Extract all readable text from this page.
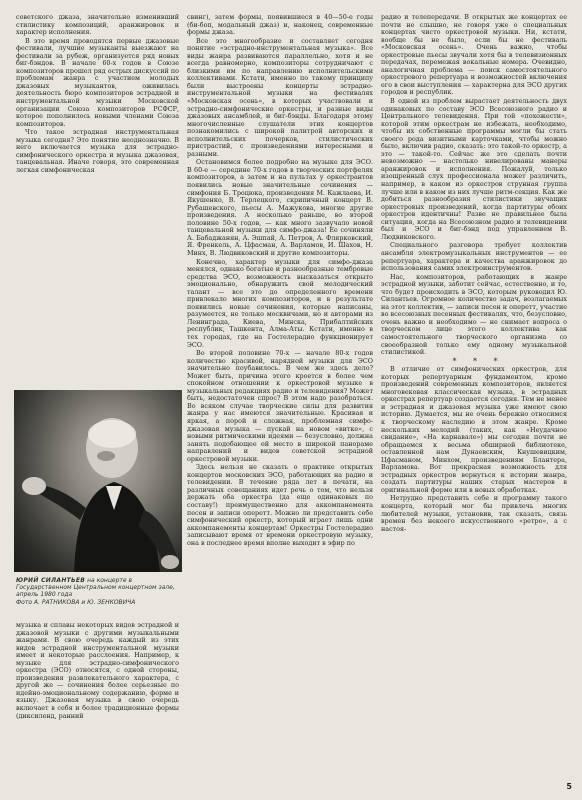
советского джаза, значительно изменивший стилистику композиций, аранжировок и характер исполнения.

В это время проводятся первые джазовые фестивали, лучшие музыканты выезжают на фестивали за рубеж, организуется ряд новых биг-бэндов. В начале 60-х годов в Союзе композиторов прошел ряд острых дискуссий по проблемам жанра с участием молодых джазовых музыкантов, оживилась деятельность бюро композиторов эстрадной и инструментальной музыки Московской организации Союза композиторов РСФСР, которое пополнилось новыми членами Союза композиторов.

Что такое эстрадная инструментальная музыка сегодня? Это понятие неоднозначно. В него включается музыка для эстрадно-симфонического оркестра и музыка джазовая, танцевальная. Иначе говоря, это современная легкая симфоническая

ЮРИЙ СИЛАНТЬЕВ на концерте в Государственном Центральном концертном зале, апрель 1980 года
Фото А. РАТНИКОВА и Ю. ЗЕНКОВИЧА

музыка и сплавы некоторых видов эстрадной и джазовой музыки с другими музыкальными жанрами. В свою очередь каждый из этих видов эстрадной инструментальной музыки имеет и некоторые расслоения. Например, к музыке для эстрадно-симфонического оркестра (ЭСО) относятся, с одной стороны, произведения развлекательного характера, с другой же — сочинения более серьезные по идейно-эмоциональному содержанию, форме и языку. Джазовая музыка в свою очередь включает в себя и более традиционные формы (диксиленд, ранний

свинг), затем формы, появившиеся в 40—50-е годы (би-боп, модальный джаз) и, наконец, современные формы джаза.

Все это многообразие и составляет сегодня понятие «эстрадно-инструментальная музыка». Все виды жанра развиваются параллельно, хотя и не всегда равномерно, композиторы сотрудничают с близкими им по направлению исполнительскими коллективами. Кстати, именно по такому принципу были выстроены концерты эстрадно-инструментальной музыки на фестивалях «Московская осень», в которых участвовали и эстрадно-симфонические оркестры, и разные виды джазовых ансамблей, и биг-бэнды. Благодаря этому многочисленные слушатели этих концертов познакомились с широкой палитрой авторских и исполнительских почерков, стилистических пристрастий, с произведениями интересными и разными.

Остановимся более подробно на музыке для ЭСО. В 60-е — середине 70-х годов в творческих портфелях композиторов, а затем и на пультах у оркестрантов появились новые значительные сочинения — симфония Б. Троцюка, произведения М. Кажлаева, И. Якушенко, В. Терлецкого, скрипичный концерт В. Рубашевского, пьесы А. Мажукова, многие другие произведения. А несколько раньше, во второй половине 50-х годов, — как много зазвучало новой танцевальной музыки для симфо-джаза! Ее сочиняли А. Бабаджанян, А. Эшпай, А. Петров, А. Флярковский, Я. Френкель, А. Цфасман, А. Варламов, И. Шахов, Н. Минх, В. Людвиковский и другие композиторы.

Конечно, характер музыки для симфо-джаза менялся, однако богатые и разнообразные тембровые средства ЭСО, возможность высказаться открыто эмоционально, обнаружить свой мелодический талант — все это до определенного времени привлекало многих композиторов, и в результате появились новые сочинения, которые написаны, разумеется, не только москвичами, но и авторами из Ленинграда, Киева, Минска, Прибалтийских республик, Ташкента, Алма-Аты. Кстати, именно в тех городах, где на Гостелерадио функционирует ЭСО.

Во второй половине 70-х — начале 80-х годов количество красивой, нарядной музыки для ЭСО значительно поубавилось. В чем же здесь дело? Может быть, причина этого кроется в более чем спокойном отношении к оркестровой музыке в музыкальных редакциях радио и телевидения? Может быть, недостаточен спрос? В этом надо разобраться. Во всяком случае творческие силы для развития жанра у нас имеются значительные. Красивая и яркая, а порой и сложная, проблемная симфо-джазовая музыка — пускай на новом «витке», с новыми ритмическими идеями — безусловно, должна занять подобающее ей место в широкой панораме направлений и видов советской эстрадной оркестровой музыки.

Здесь нельзя не сказать о практике открытых концертов московских ЭСО, работающих на радио и телевидении. В течение ряда лет в печати, на различных совещаниях идет речь о том, что нельзя держать оба оркестра (да еще одинаковых по составу!) преимущественно для аккомпанемента песен и записи оперетт. Можно ли представить себе симфонический оркестр, который играет лишь одни аккомпанементы концертам! Оркестры Гостелерадио записывают время от времени оркестровую музыку, она в последнее время вполне выходит в эфир по

радио и телепередачи. В открытых же концертах ее почти не слышно, не говоря уже о специальных концертах чисто оркестровой музыки. Ни, кстати, вообще бы не было, если бы не фестиваль «Московская осень». Очень важно, чтобы оркестровые пьесы звучали хотя бы в телевизионных передачах, перемежая вокальные номера. Очевидно, аналогичная проблема — поиск самостоятельного оркестрового репертуара и возможностей включения его в свои выступления — характерна для ЭСО других городов и республик.

В одной из проблем вырастает деятельность двух одинаковых по составу ЭСО Всесоюзного радио и Центрального телевидения. При той «похожести», которой этим оркестрам не избежать, необходимо, чтобы их собственные программы могли бы стать своего рода визитными карточками, чтобы можно было, включив радио, сказать: это такой-то оркестр, а это — такой-то. Сейчас же это сделать почти невозможно — настолько нивелированы манеры аранжировок и исполнения. Пожалуй, только изощренный слух профессионала может различить, например, в каком из оркестров струнная группа лучше или в каком из них лучше ритм-секция. Как же добиться разнообразия стилистики звучащих оркестровых произведений, когда партитуры обоих оркестров идентичны! Разве не правильнее была ситуация, когда на Всесоюзном радио и телевидении был и ЭСО и биг-бэнд под управлением В. Людвиковского.

Специального разговора требует коллектив ансамбля электромузыкальных инструментов — ее репертуара, характера и качества аранжировок до использования самих электроинструментов.

Нас, композиторов, работающих в жанре эстрадной музыки, заботит сейчас, естественно, и то, что будет происходить в ЭСО, которым руководил Ю. Силантьев. Огромное количество задач, возлагаемых на этот коллектив, — записи песен и оперетт, участие во всесоюзных песенных фестивалях, что, безусловно, очень важно и необходимо — не снимает вопроса о творческом лице этого коллектива как самостоятельного творческого организма со своеобразной только ему одному музыкальной стилистикой.

* * *

В отличие от симфонических оркестров, для которых репертуарным фундаментом, кроме произведений современных композиторов, является многовековая классическая музыка, в эстрадных оркестрах репертуар создается сегодня. Тем не менее и эстрадная и джазовая музыка уже имеют свою историю. Думается, мы не очень бережно относимся к творческому наследию в этом жанре. Кроме нескольких мелодий (таких, как «Неудачное свидание», «На карнавале») мы сегодня почти не обращаемся к весьма обширной библиотеке, оставленной нам Дунаевским, Кнушевицким, Цфасманом, Минхом, произведениям Блантера, Варламова. Вот прекрасная возможность для эстрадных оркестров вернуться к истории жанра, создать партитуры наших старых мастеров в оригинальной форме или в новых обработках.

Нетрудно представить себе и программу такого концерта, который мог бы привлечь многих любителей музыки, установив, так сказать, связь времен без некоего искусственного «ретро», а с настоя-

5
